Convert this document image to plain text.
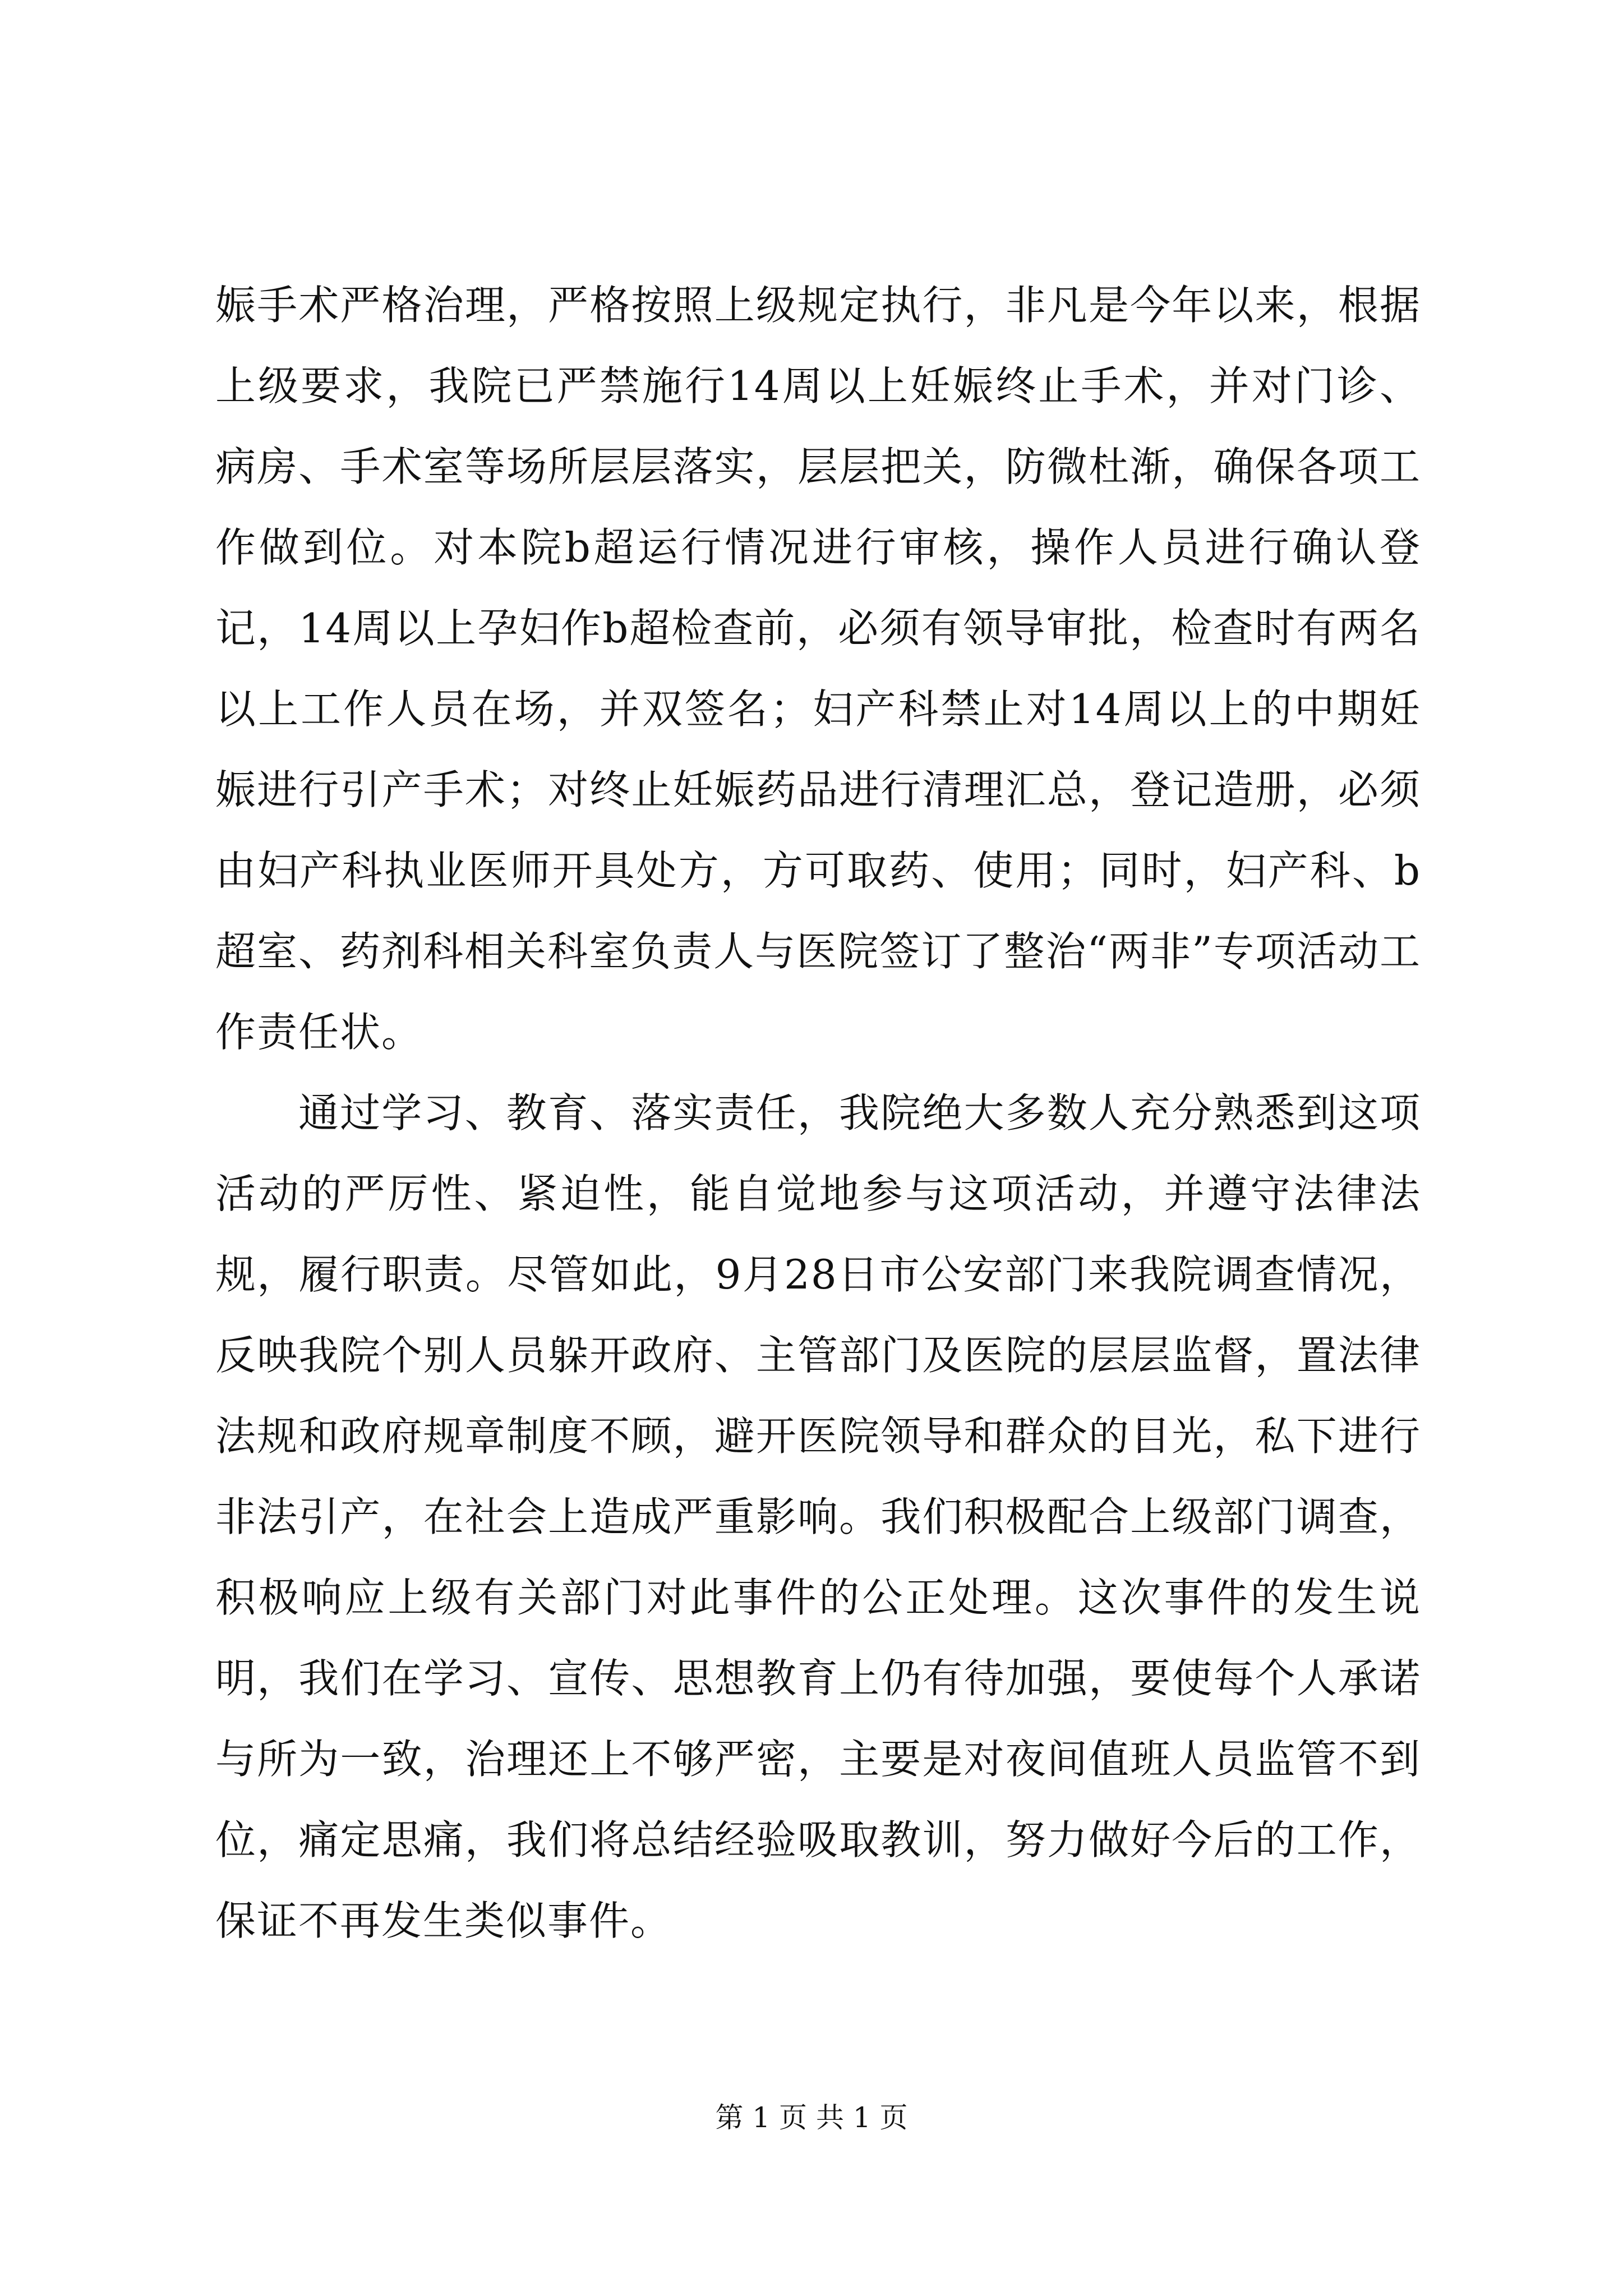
娠手术严格治理，严格按照上级规定执行，非凡是今年以来，根据上级要求，我院已严禁施行14周以上妊娠终止手术，并对门诊、病房、手术室等场所层层落实，层层把关，防微杜渐，确保各项工作做到位。对本院b超运行情况进行审核，操作人员进行确认登记，14周以上孕妇作b超检查前，必须有领导审批，检查时有两名以上工作人员在场，并双签名；妇产科禁止对14周以上的中期妊娠进行引产手术；对终止妊娠药品进行清理汇总，登记造册，必须由妇产科执业医师开具处方，方可取药、使用；同时，妇产科、b超室、药剂科相关科室负责人与医院签订了整治“两非”专项活动工作责任状。

通过学习、教育、落实责任，我院绝大多数人充分熟悉到这项活动的严厉性、紧迫性，能自觉地参与这项活动，并遵守法律法规，履行职责。尽管如此，9月28日市公安部门来我院调查情况，反映我院个别人员躲开政府、主管部门及医院的层层监督，置法律法规和政府规章制度不顾，避开医院领导和群众的目光，私下进行非法引产，在社会上造成严重影响。我们积极配合上级部门调查，积极响应上级有关部门对此事件的公正处理。这次事件的发生说明，我们在学习、宣传、思想教育上仍有待加强，要使每个人承诺与所为一致，治理还上不够严密，主要是对夜间值班人员监管不到位，痛定思痛，我们将总结经验吸取教训，努力做好今后的工作，保证不再发生类似事件。

第 1 页 共 1 页
